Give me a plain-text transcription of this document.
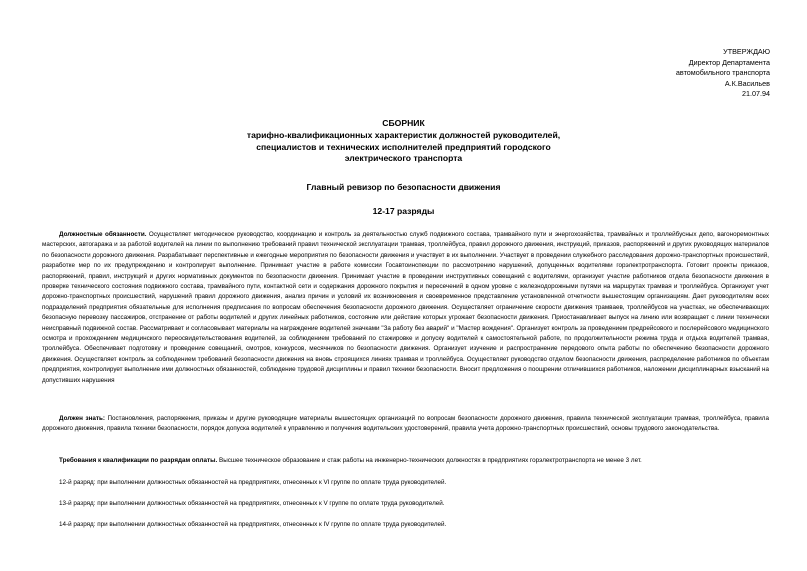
УТВЕРЖДАЮ
Директор Департамента
автомобильного транспорта
А.К.Васильев
21.07.94
СБОРНИК
тарифно-квалификационных характеристик должностей руководителей,
специалистов и технических исполнителей предприятий городского
электрического транспорта
Главный ревизор по безопасности движения
12-17 разряды
Должностные обязанности. Осуществляет методическое руководство, координацию и контроль за деятельностью служб подвижного состава, трамвайного пути и энергохозяйства, трамвайных и троллейбусных депо, вагоноремонтных мастерских, автогаража и за работой водителей на линии по выполнению требований правил технической эксплуатации трамвая, троллейбуса, правил дорожного движения, инструкций, приказов, распоряжений и других руководящих материалов по безопасности дорожного движения. Разрабатывает перспективные и ежегодные мероприятия по безопасности движения и участвует в их выполнении. Участвует в проведении служебного расследования дорожно-транспортных происшествий, разработке мер по их предупреждению и контролирует выполнение. Принимает участие в работе комиссии Госавтоинспекции по рассмотрению нарушений, допущенных водителями горэлектротранспорта. Готовит проекты приказов, распоряжений, правил, инструкций и других нормативных документов по безопасности движения. Принимает участие в проведении инструктивных совещаний с водителями, организует участие работников отдела безопасности движения в проверке технического состояния подвижного состава, трамвайного пути, контактной сети и содержания дорожного покрытия и пересечений в одном уровне с железнодорожными путями на маршрутах трамвая и троллейбуса. Организует учет дорожно-транспортных происшествий, нарушений правил дорожного движения, анализ причин и условий их возникновения и своевременное представление установленной отчетности вышестоящим организациям. Дает руководителям всех подразделений предприятия обязательные для исполнения предписания по вопросам обеспечения безопасности дорожного движения. Осуществляет ограничение скорости движения трамваев, троллейбусов на участках, не обеспечивающих безопасную перевозку пассажиров, отстранение от работы водителей и других линейных работников, состояние или действие которых угрожает безопасности движения. Приостанавливает выпуск на линию или возвращает с линии технически неисправный подвижной состав. Рассматривает и согласовывает материалы на награждение водителей значками "За работу без аварий" и "Мастер вождения". Организует контроль за проведением предрейсового и послерейсового медицинского осмотра и прохождением медицинского переосвидетельствования водителей, за соблюдением требований по стажировке и допуску водителей к самостоятельной работе, по продолжительности режима труда и отдыха водителей трамвая, троллейбуса. Обеспечивает подготовку и проведение совещаний, смотров, конкурсов, месячников по безопасности движения. Организует изучение и распространение передового опыта работы по обеспечению безопасности дорожного движения. Осуществляет контроль за соблюдением требований безопасности движения на вновь строящихся линиях трамвая и троллейбуса. Осуществляет руководство отделом безопасности движения, распределение работников по объектам предприятия, контролирует выполнение ими должностных обязанностей, соблюдение трудовой дисциплины и правил техники безопасности. Вносит предложения о поощрении отличившихся работников, наложении дисциплинарных взысканий на допустивших нарушения
Должен знать: Постановления, распоряжения, приказы и другие руководящие материалы вышестоящих организаций по вопросам безопасности дорожного движения, правила технической эксплуатации трамвая, троллейбуса, правила дорожного движения, правила техники безопасности, порядок допуска водителей к управлению и получения водительских удостоверений, правила учета дорожно-транспортных происшествий, основы трудового законодательства.
Требования к квалификации по разрядам оплаты. Высшее техническое образование и стаж работы на инженерно-технических должностях в предприятиях горэлектротранспорта не менее 3 лет.
12-й разряд: при выполнении должностных обязанностей на предприятиях, отнесенных к VI группе по оплате труда руководителей.
13-й разряд: при выполнении должностных обязанностей на предприятиях, отнесенных к V группе по оплате труда руководителей.
14-й разряд: при выполнении должностных обязанностей на предприятиях, отнесенных к IV группе по оплате труда руководителей.
